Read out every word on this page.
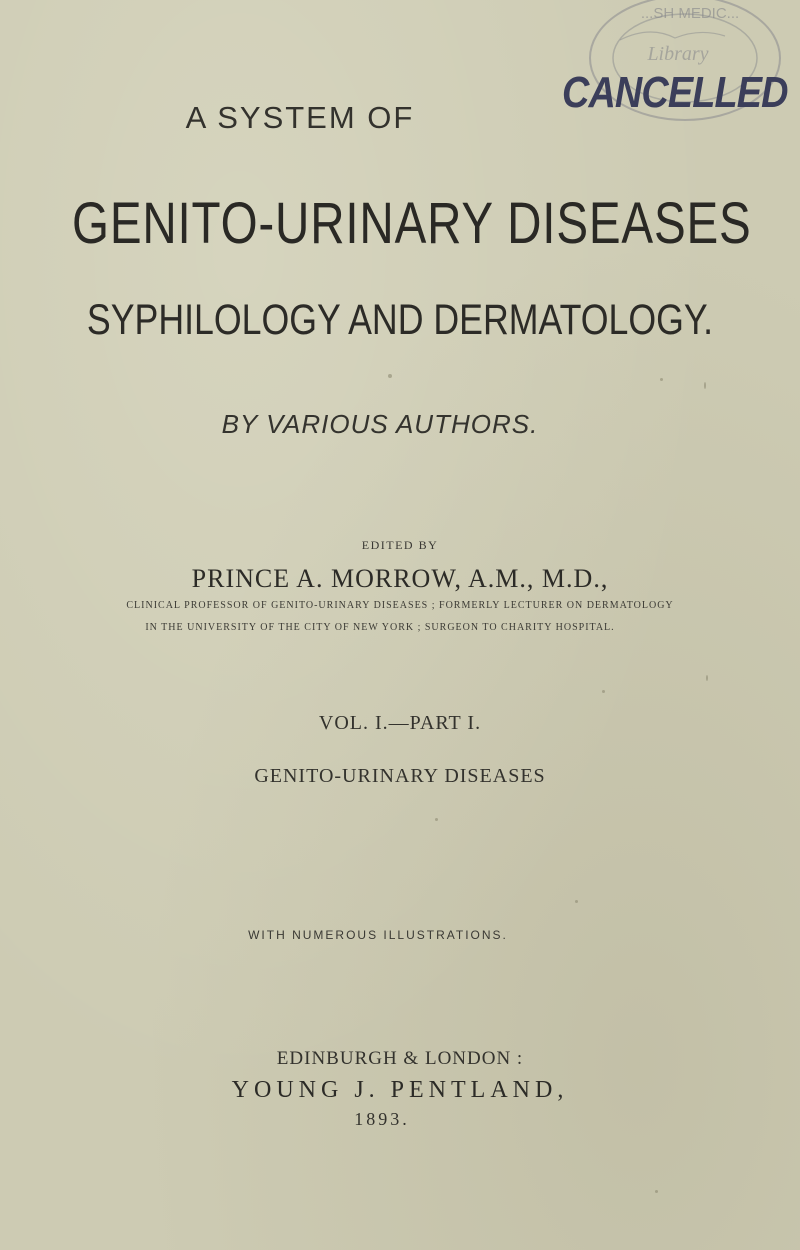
...SH MEDIC...
Library
CANCELLED
A SYSTEM OF
GENITO-URINARY DISEASES
SYPHILOLOGY AND DERMATOLOGY.
BY VARIOUS AUTHORS.
EDITED BY
PRINCE A. MORROW, A.M., M.D.,
CLINICAL PROFESSOR OF GENITO-URINARY DISEASES ; FORMERLY LECTURER ON DERMATOLOGY
IN THE UNIVERSITY OF THE CITY OF NEW YORK ; SURGEON TO CHARITY HOSPITAL.
VOL. I.—PART I.
GENITO-URINARY DISEASES
WITH NUMEROUS ILLUSTRATIONS.
EDINBURGH & LONDON :
YOUNG J. PENTLAND,
1893.
